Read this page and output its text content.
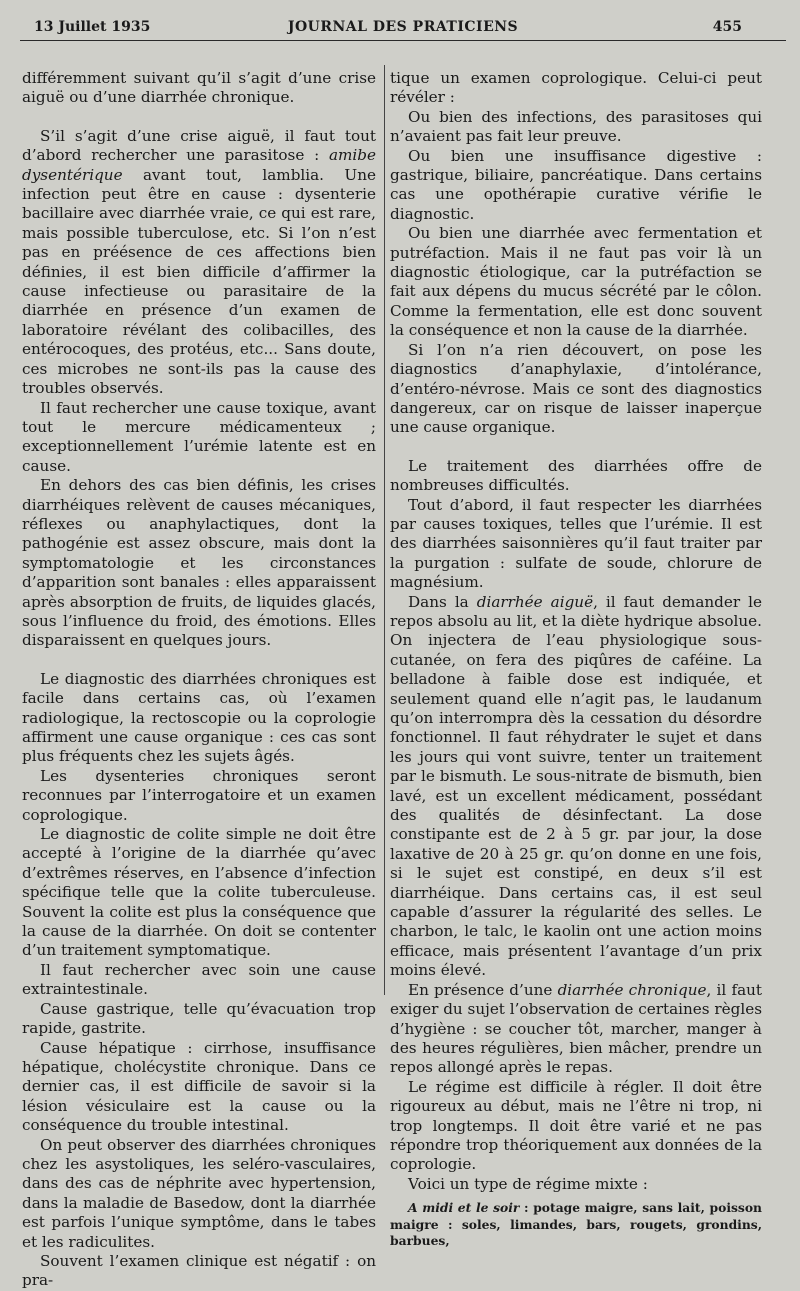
13 Juillet 1935	JOURNAL DES PRATICIENS	455

différemment suivant qu’il s’agit d’une crise aiguë ou d’une diarrhée chronique.

S’il s’agit d’une crise aiguë, il faut tout d’abord rechercher une parasitose : amibe dysentérique avant tout, lamblia. Une infection peut être en cause : dysenterie bacillaire avec diarrhée vraie, ce qui est rare, mais possible tuberculose, etc. Si l’on n’est pas en préésence de ces affections bien définies, il est bien difficile d’affirmer la cause infectieuse ou parasitaire de la diarrhée en présence d’un examen de laboratoire révélant des colibacilles, des entérocoques, des protéus, etc... Sans doute, ces microbes ne sont-ils pas la cause des troubles observés.

Il faut rechercher une cause toxique, avant tout le mercure médicamenteux ; exceptionnellement l’urémie latente est en cause.

En dehors des cas bien définis, les crises diarrhéiques relèvent de causes mécaniques, réflexes ou anaphylactiques, dont la pathogénie est assez obscure, mais dont la symptomatologie et les circonstances d’apparition sont banales : elles apparaissent après absorption de fruits, de liquides glacés, sous l’influence du froid, des émotions. Elles disparaissent en quelques jours.

Le diagnostic des diarrhées chroniques est facile dans certains cas, où l’examen radiologique, la rectoscopie ou la coprologie affirment une cause organique : ces cas sont plus fréquents chez les sujets âgés.

Les dysenteries chroniques seront reconnues par l’interrogatoire et un examen coprologique.

Le diagnostic de colite simple ne doit être accepté à l’origine de la diarrhée qu’avec d’extrêmes réserves, en l’absence d’infection spécifique telle que la colite tuberculeuse. Souvent la colite est plus la conséquence que la cause de la diarrhée. On doit se contenter d’un traitement symptomatique.

Il faut rechercher avec soin une cause extraintestinale.

Cause gastrique, telle qu’évacuation trop rapide, gastrite.

Cause hépatique : cirrhose, insuffisance hépatique, cholécystite chronique. Dans ce dernier cas, il est difficile de savoir si la lésion vésiculaire est la cause ou la conséquence du trouble intestinal.

On peut observer des diarrhées chroniques chez les asystoliques, les seléro-vasculaires, dans des cas de néphrite avec hypertension, dans la maladie de Basedow, dont la diarrhée est parfois l’unique symptôme, dans le tabes et les radiculites.

Souvent l’examen clinique est négatif : on pra-

tique un examen coprologique. Celui-ci peut révéler :

Ou bien des infections, des parasitoses qui n’avaient pas fait leur preuve.

Ou bien une insuffisance digestive : gastrique, biliaire, pancréatique. Dans certains cas une opothérapie curative vérifie le diagnostic.

Ou bien une diarrhée avec fermentation et putréfaction. Mais il ne faut pas voir là un diagnostic étiologique, car la putréfaction se fait aux dépens du mucus sécrété par le côlon. Comme la fermentation, elle est donc souvent la conséquence et non la cause de la diarrhée.

Si l’on n’a rien découvert, on pose les diagnostics d’anaphylaxie, d’intolérance, d’entéro-névrose. Mais ce sont des diagnostics dangereux, car on risque de laisser inaperçue une cause organique.

Le traitement des diarrhées offre de nombreuses difficultés.

Tout d’abord, il faut respecter les diarrhées par causes toxiques, telles que l’urémie. Il est des diarrhées saisonnières qu’il faut traiter par la purgation : sulfate de soude, chlorure de magnésium.

Dans la diarrhée aiguë, il faut demander le repos absolu au lit, et la diète hydrique absolue. On injectera de l’eau physiologique sous-cutanée, on fera des piqûres de caféine. La belladone à faible dose est indiquée, et seulement quand elle n’agit pas, le laudanum qu’on interrompra dès la cessation du désordre fonctionnel. Il faut réhydrater le sujet et dans les jours qui vont suivre, tenter un traitement par le bismuth. Le sous-nitrate de bismuth, bien lavé, est un excellent médicament, possédant des qualités de désinfectant. La dose constipante est de 2 à 5 gr. par jour, la dose laxative de 20 à 25 gr. qu’on donne en une fois, si le sujet est constipé, en deux s’il est diarrhéique. Dans certains cas, il est seul capable d’assurer la régularité des selles. Le charbon, le talc, le kaolin ont une action moins efficace, mais présentent l’avantage d’un prix moins élevé.

En présence d’une diarrhée chronique, il faut exiger du sujet l’observation de certaines règles d’hygiène : se coucher tôt, marcher, manger à des heures régulières, bien mâcher, prendre un repos allongé après le repas.

Le régime est difficile à régler. Il doit être rigoureux au début, mais ne l’être ni trop, ni trop longtemps. Il doit être varié et ne pas répondre trop théoriquement aux données de la coprologie.

Voici un type de régime mixte :

A midi et le soir : potage maigre, sans lait, poisson maigre : soles, limandes, bars, rougets, grondins, barbues,
